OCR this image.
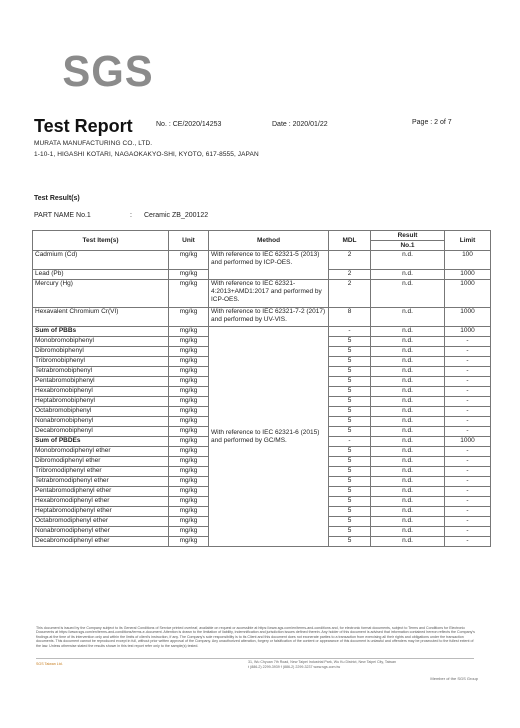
SGS
Test Report	No. : CE/2020/14253	Date : 2020/01/22	Page : 2 of 7
MURATA MANUFACTURING CO., LTD.
1-10-1, HIGASHI KOTARI, NAGAOKAKYO-SHI, KYOTO, 617-8555, JAPAN
Test Result(s)
PART NAME No.1	: Ceramic ZB_200122
Test Item(s)	Unit	Method	MDL	Result	Limit
				No.1	
Cadmium (Cd)	mg/kg	With reference to IEC 62321-5 (2013) and performed by ICP-OES.	2	n.d.	100
Lead (Pb)	mg/kg		2	n.d.	1000
Mercury (Hg)	mg/kg	With reference to IEC 62321-4:2013+AMD1:2017 and performed by ICP-OES.	2	n.d.	1000
Hexavalent Chromium Cr(VI)	mg/kg	With reference to IEC 62321-7-2 (2017) and performed by UV-VIS.	8	n.d.	1000
Sum of PBBs	mg/kg	With reference to IEC 62321-6 (2015) and performed by GC/MS.	-	n.d.	1000
Monobromobiphenyl	mg/kg		5	n.d.	-
Dibromobiphenyl	mg/kg		5	n.d.	-
Tribromobiphenyl	mg/kg		5	n.d.	-
Tetrabromobiphenyl	mg/kg		5	n.d.	-
Pentabromobiphenyl	mg/kg		5	n.d.	-
Hexabromobiphenyl	mg/kg		5	n.d.	-
Heptabromobiphenyl	mg/kg		5	n.d.	-
Octabromobiphenyl	mg/kg		5	n.d.	-
Nonabromobiphenyl	mg/kg		5	n.d.	-
Decabromobiphenyl	mg/kg		5	n.d.	-
Sum of PBDEs	mg/kg		-	n.d.	1000
Monobromodiphenyl ether	mg/kg		5	n.d.	-
Dibromodiphenyl ether	mg/kg		5	n.d.	-
Tribromodiphenyl ether	mg/kg		5	n.d.	-
Tetrabromodiphenyl ether	mg/kg		5	n.d.	-
Pentabromodiphenyl ether	mg/kg		5	n.d.	-
Hexabromodiphenyl ether	mg/kg		5	n.d.	-
Heptabromodiphenyl ether	mg/kg		5	n.d.	-
Octabromodiphenyl ether	mg/kg		5	n.d.	-
Nonabromodiphenyl ether	mg/kg		5	n.d.	-
Decabromodiphenyl ether	mg/kg		5	n.d.	-
This document is issued by the Company subject to its General Conditions of Service printed overleaf, available on request or accessible at https://www.sgs.com/en/terms-and-conditions and, for electronic format documents, subject to Terms and Conditions for Electronic Documents at https://www.sgs.com/en/terms-and-conditions/terms-e-document. Attention is drawn to the limitation of liability, indemnification and jurisdiction issues defined therein. Any holder of this document is advised that information contained hereon reflects the Company's findings at the time of its intervention only and within the limits of client's instruction, if any. The Company's sole responsibility is to its Client and this document does not exonerate parties to a transaction from exercising all their rights and obligations under the transaction documents. This document cannot be reproduced except in full, without prior written approval of the Company. Any unauthorized alteration, forgery or falsification of the content or appearance of this document is unlawful and offenders may be prosecuted to the fullest extent of the law. Unless otherwise stated the results shown in this test report refer only to the sample(s) tested.
SGS Taiwan Ltd.	31, Wu Chyuan 7th Road, New Taipei Industrial Park, Wu Ku District, New Taipei City, Taiwan
t (886-2) 2299-3939 f (886-2) 2299-3237 www.sgs.com.tw
Member of the SGS Group
